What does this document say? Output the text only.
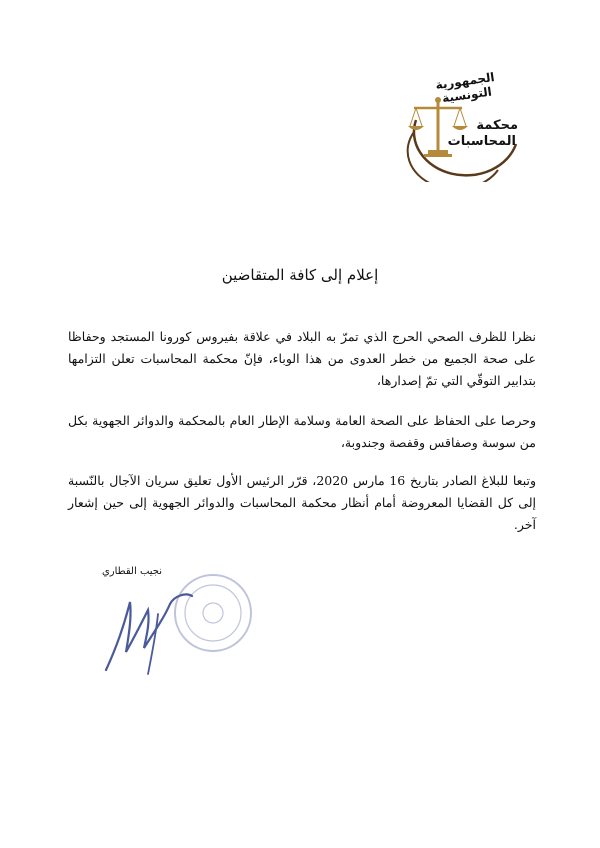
الجمهورية التونسية
محكمة
المحاسبات
إعلام إلى كافة المتقاضين

نظرا للظرف الصحي الحرج الذي تمرّ به البلاد في علاقة بفيروس كورونا المستجد وحفاظا على صحة الجميع من خطر العدوى من هذا الوباء، فإنّ محكمة المحاسبات تعلن التزامها بتدابير التوقّي التي تمّ إصدارها،

وحرصا على الحفاظ على الصحة العامة وسلامة الإطار العام بالمحكمة والدوائر الجهوية بكل من سوسة وصفاقس وقفصة وجندوبة،

وتبعا للبلاغ الصادر بتاريخ 16 مارس 2020، قرّر الرئيس الأول تعليق سريان الآجال بالنّسبة إلى كل القضايا المعروضة أمام أنظار محكمة المحاسبات والدوائر الجهوية إلى حين إشعار آخر.

نجيب القطاري
